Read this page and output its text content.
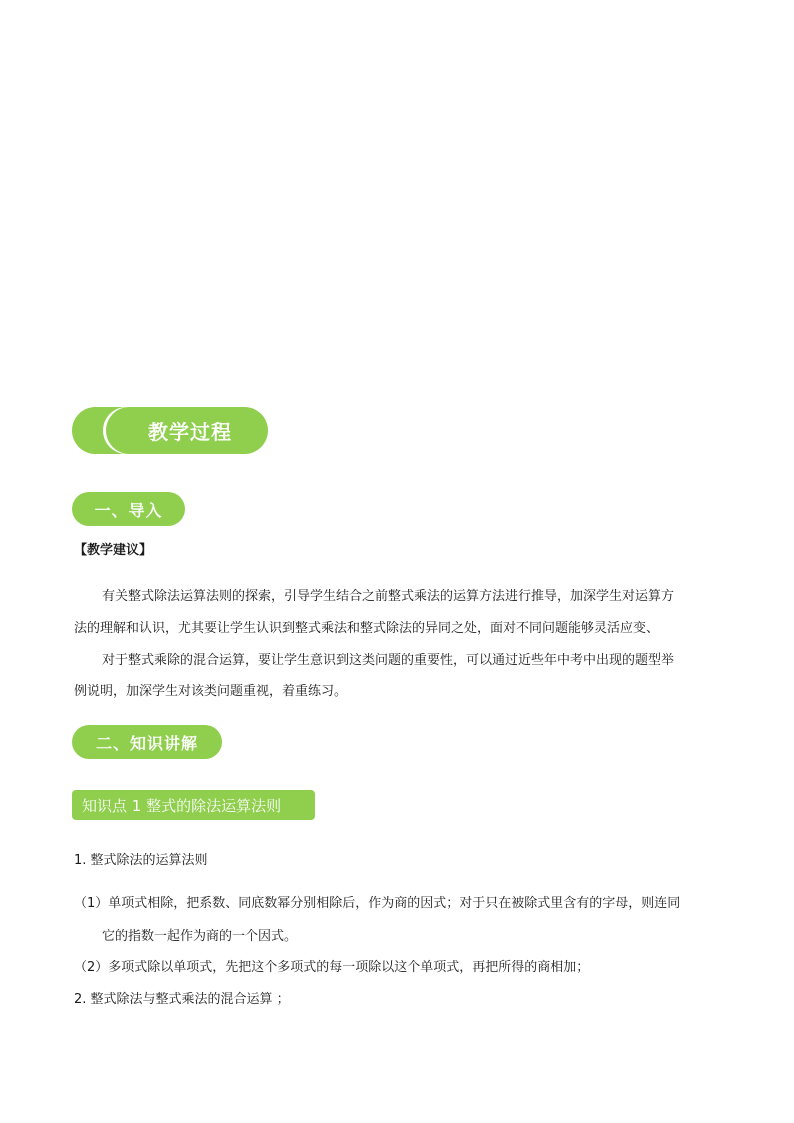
教学过程
一、导入
【教学建议】
有关整式除法运算法则的探索，引导学生结合之前整式乘法的运算方法进行推导，加深学生对运算方
法的理解和认识，尤其要让学生认识到整式乘法和整式除法的异同之处，面对不同问题能够灵活应变、
对于整式乘除的混合运算，要让学生意识到这类问题的重要性，可以通过近些年中考中出现的题型举
例说明，加深学生对该类问题重视，着重练习。
二、知识讲解
知识点 1 整式的除法运算法则
1. 整式除法的运算法则
（1）单项式相除，把系数、同底数幂分别相除后，作为商的因式；对于只在被除式里含有的字母，则连同
它的指数一起作为商的一个因式。
（2）多项式除以单项式，先把这个多项式的每一项除以这个单项式，再把所得的商相加；
2. 整式除法与整式乘法的混合运算 ；
